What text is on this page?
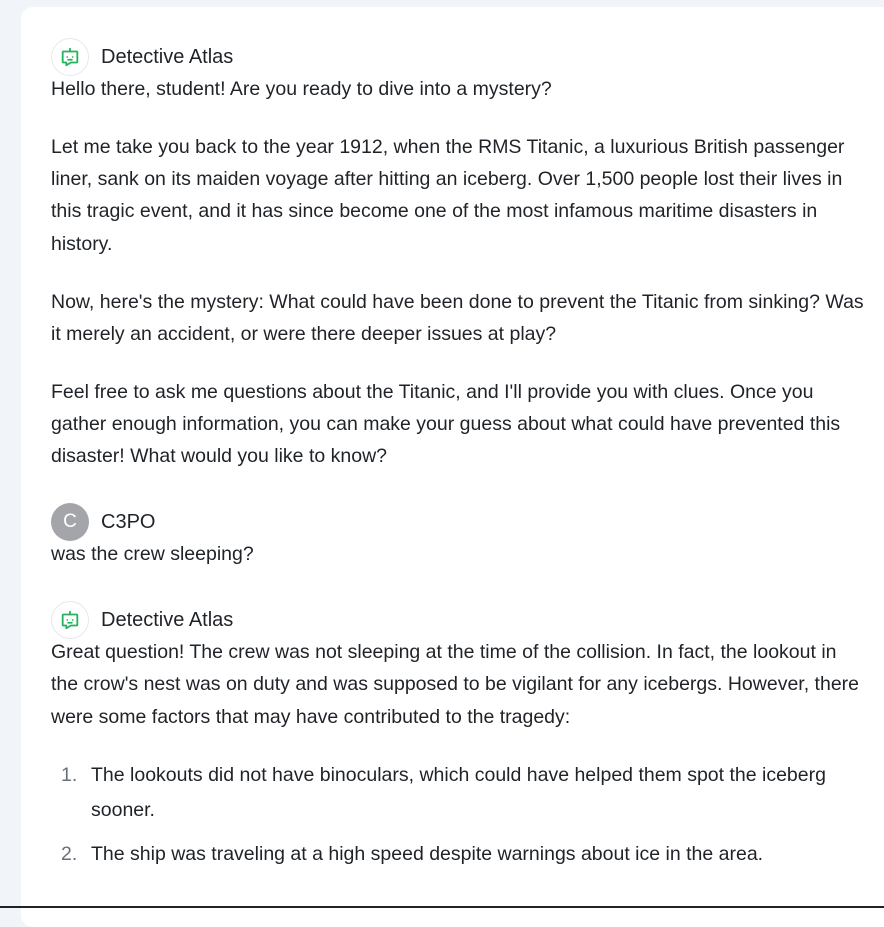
Detective Atlas

Hello there, student! Are you ready to dive into a mystery?

Let me take you back to the year 1912, when the RMS Titanic, a luxurious British passenger liner, sank on its maiden voyage after hitting an iceberg. Over 1,500 people lost their lives in this tragic event, and it has since become one of the most infamous maritime disasters in history.

Now, here's the mystery: What could have been done to prevent the Titanic from sinking? Was it merely an accident, or were there deeper issues at play?

Feel free to ask me questions about the Titanic, and I'll provide you with clues. Once you gather enough information, you can make your guess about what could have prevented this disaster! What would you like to know?

C	C3PO

was the crew sleeping?

Detective Atlas

Great question! The crew was not sleeping at the time of the collision. In fact, the lookout in the crow's nest was on duty and was supposed to be vigilant for any icebergs. However, there were some factors that may have contributed to the tragedy:

1. The lookouts did not have binoculars, which could have helped them spot the iceberg sooner.
2. The ship was traveling at a high speed despite warnings about ice in the area.
